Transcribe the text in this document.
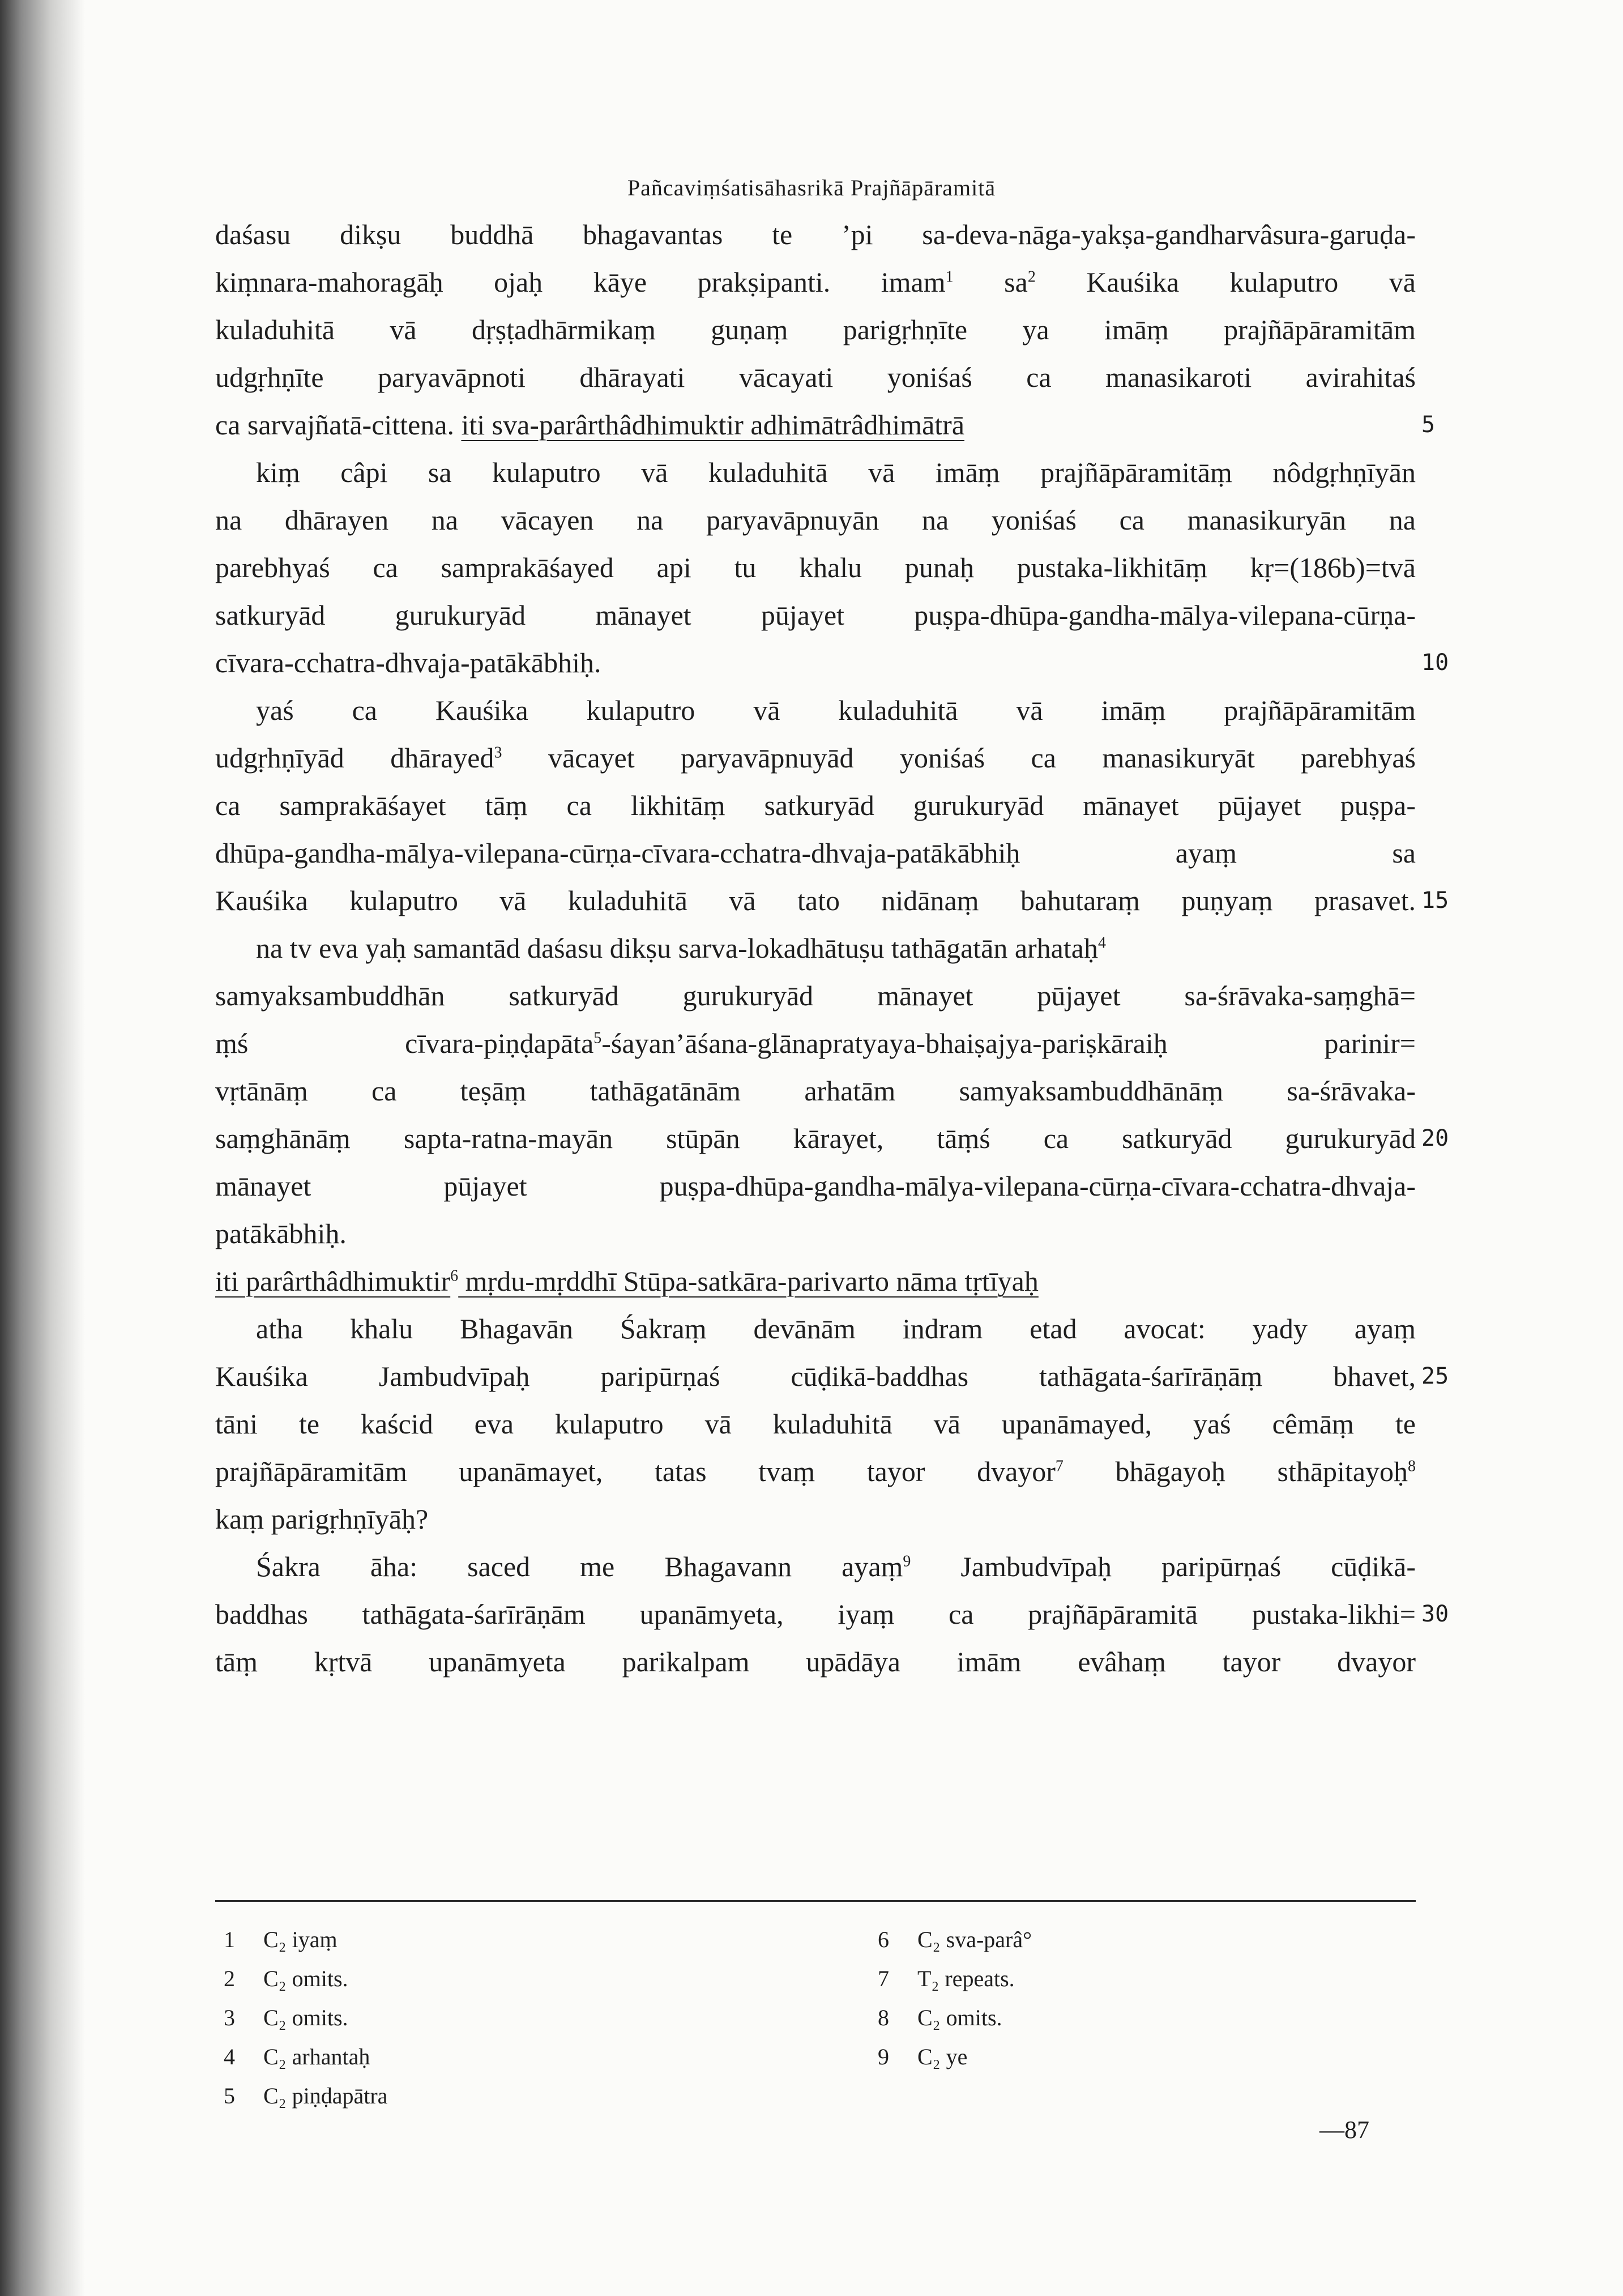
Pañcaviṃśatisāhasrikā Prajñāpāramitā
daśasu dikṣu buddhā bhagavantas te ’pi sa-deva-nāga-yakṣa-gandharvâsura-garuḍa-
kiṃnara-mahoragāḥ ojaḥ kāye prakṣipanti. imam$^1$ $sa^2$ Kauśika kulaputro vā
kuladuhitā vā dṛṣṭadhārmikaṃ guṇaṃ parigṛhṇīte ya imāṃ prajñāpāramitām
udgṛhṇīte paryavāpnoti dhārayati vācayati yoniśaś ca manasikaroti avirahitaś
ca sarvajñatā-cittena. iti sva-parârthâdhimuktir adhimātrâdhimātrā	5
kiṃ câpi sa kulaputro vā kuladuhitā vā imāṃ prajñāpāramitāṃ nôdgṛhṇīyān
na dhārayen na vācayen na paryavāpnuyān na yoniśaś ca manasikuryān na
parebhyaś ca samprakāśayed api tu khalu punaḥ pustaka-likhitāṃ kṛ=(186b)=tvā
satkuryād gurukuryād mānayet pūjayet puṣpa-dhūpa-gandha-mālya-vilepana-cūrṇa-
cīvara-cchatra-dhvaja-patākābhiḥ.	10
yaś ca Kauśika kulaputro vā kuladuhitā vā imāṃ prajñāpāramitām
udgṛhṇīyād dhārayed$^3$ vācayet paryavāpnuyād yoniśaś ca manasikuryāt parebhyaś
ca samprakāśayet tāṃ ca likhitāṃ satkuryād gurukuryād mānayet pūjayet puṣpa-
dhūpa-gandha-mālya-vilepana-cūrṇa-cīvara-cchatra-dhvaja-patākābhiḥ ayaṃ sa
Kauśika kulaputro vā kuladuhitā vā tato nidānaṃ bahutaraṃ puṇyaṃ prasavet. 15
na tv eva yaḥ samantād daśasu dikṣu sarva-lokadhātuṣu tathāgatān arhataḥ$^4$
samyaksambuddhān satkuryād gurukuryād mānayet pūjayet sa-śrāvaka-saṃghā=
ṃś cīvara-piṇḍapāta$^5$-śayan’āśana-glānapratyaya-bhaiṣajya-pariṣkāraiḥ parinir=
vṛtānāṃ ca teṣāṃ tathāgatānām arhatām samyaksambuddhānāṃ sa-śrāvaka-
saṃghānāṃ sapta-ratna-mayān stūpān kārayet, tāṃś ca satkuryād gurukuryād 20
mānayet pūjayet puṣpa-dhūpa-gandha-mālya-vilepana-cūrṇa-cīvara-cchatra-dhvaja-
patākābhiḥ.
iti parârthâdhimuktir$^6$ mṛdu-mṛddhī Stūpa-satkāra-parivarto nāma tṛtīyaḥ
atha khalu Bhagavān Śakraṃ devānām indram etad avocat: yady ayaṃ
Kauśika Jambudvīpaḥ paripūrṇaś cūḍikā-baddhas tathāgata-śarīrāṇāṃ bhavet, 25
tāni te kaścid eva kulaputro vā kuladuhitā vā upanāmayed, yaś cêmāṃ te
prajñāpāramitām upanāmayet, tatas tvaṃ tayor dvayor$^7$ bhāgayoḥ sthāpitayoḥ$^8$
kaṃ parigṛhṇīyāḥ?
Śakra āha: saced me Bhagavann ayaṃ$^9$ Jambudvīpaḥ paripūrṇaś cūḍikā-
baddhas tathāgata-śarīrāṇām upanāmyeta, iyaṃ ca prajñāpāramitā pustaka-likhi= 30
tāṃ kṛtvā upanāmyeta parikalpam upādāya imām evâhaṃ tayor dvayor
1 C₂ iyaṃ
2 C₂ omits.
3 C₂ omits.
4 C₂ arhantaḥ
5 C₂ piṇḍapātra
6 C₂ sva-parâ°
7 T₂ repeats.
8 C₂ omits.
9 C₂ ye
—87
